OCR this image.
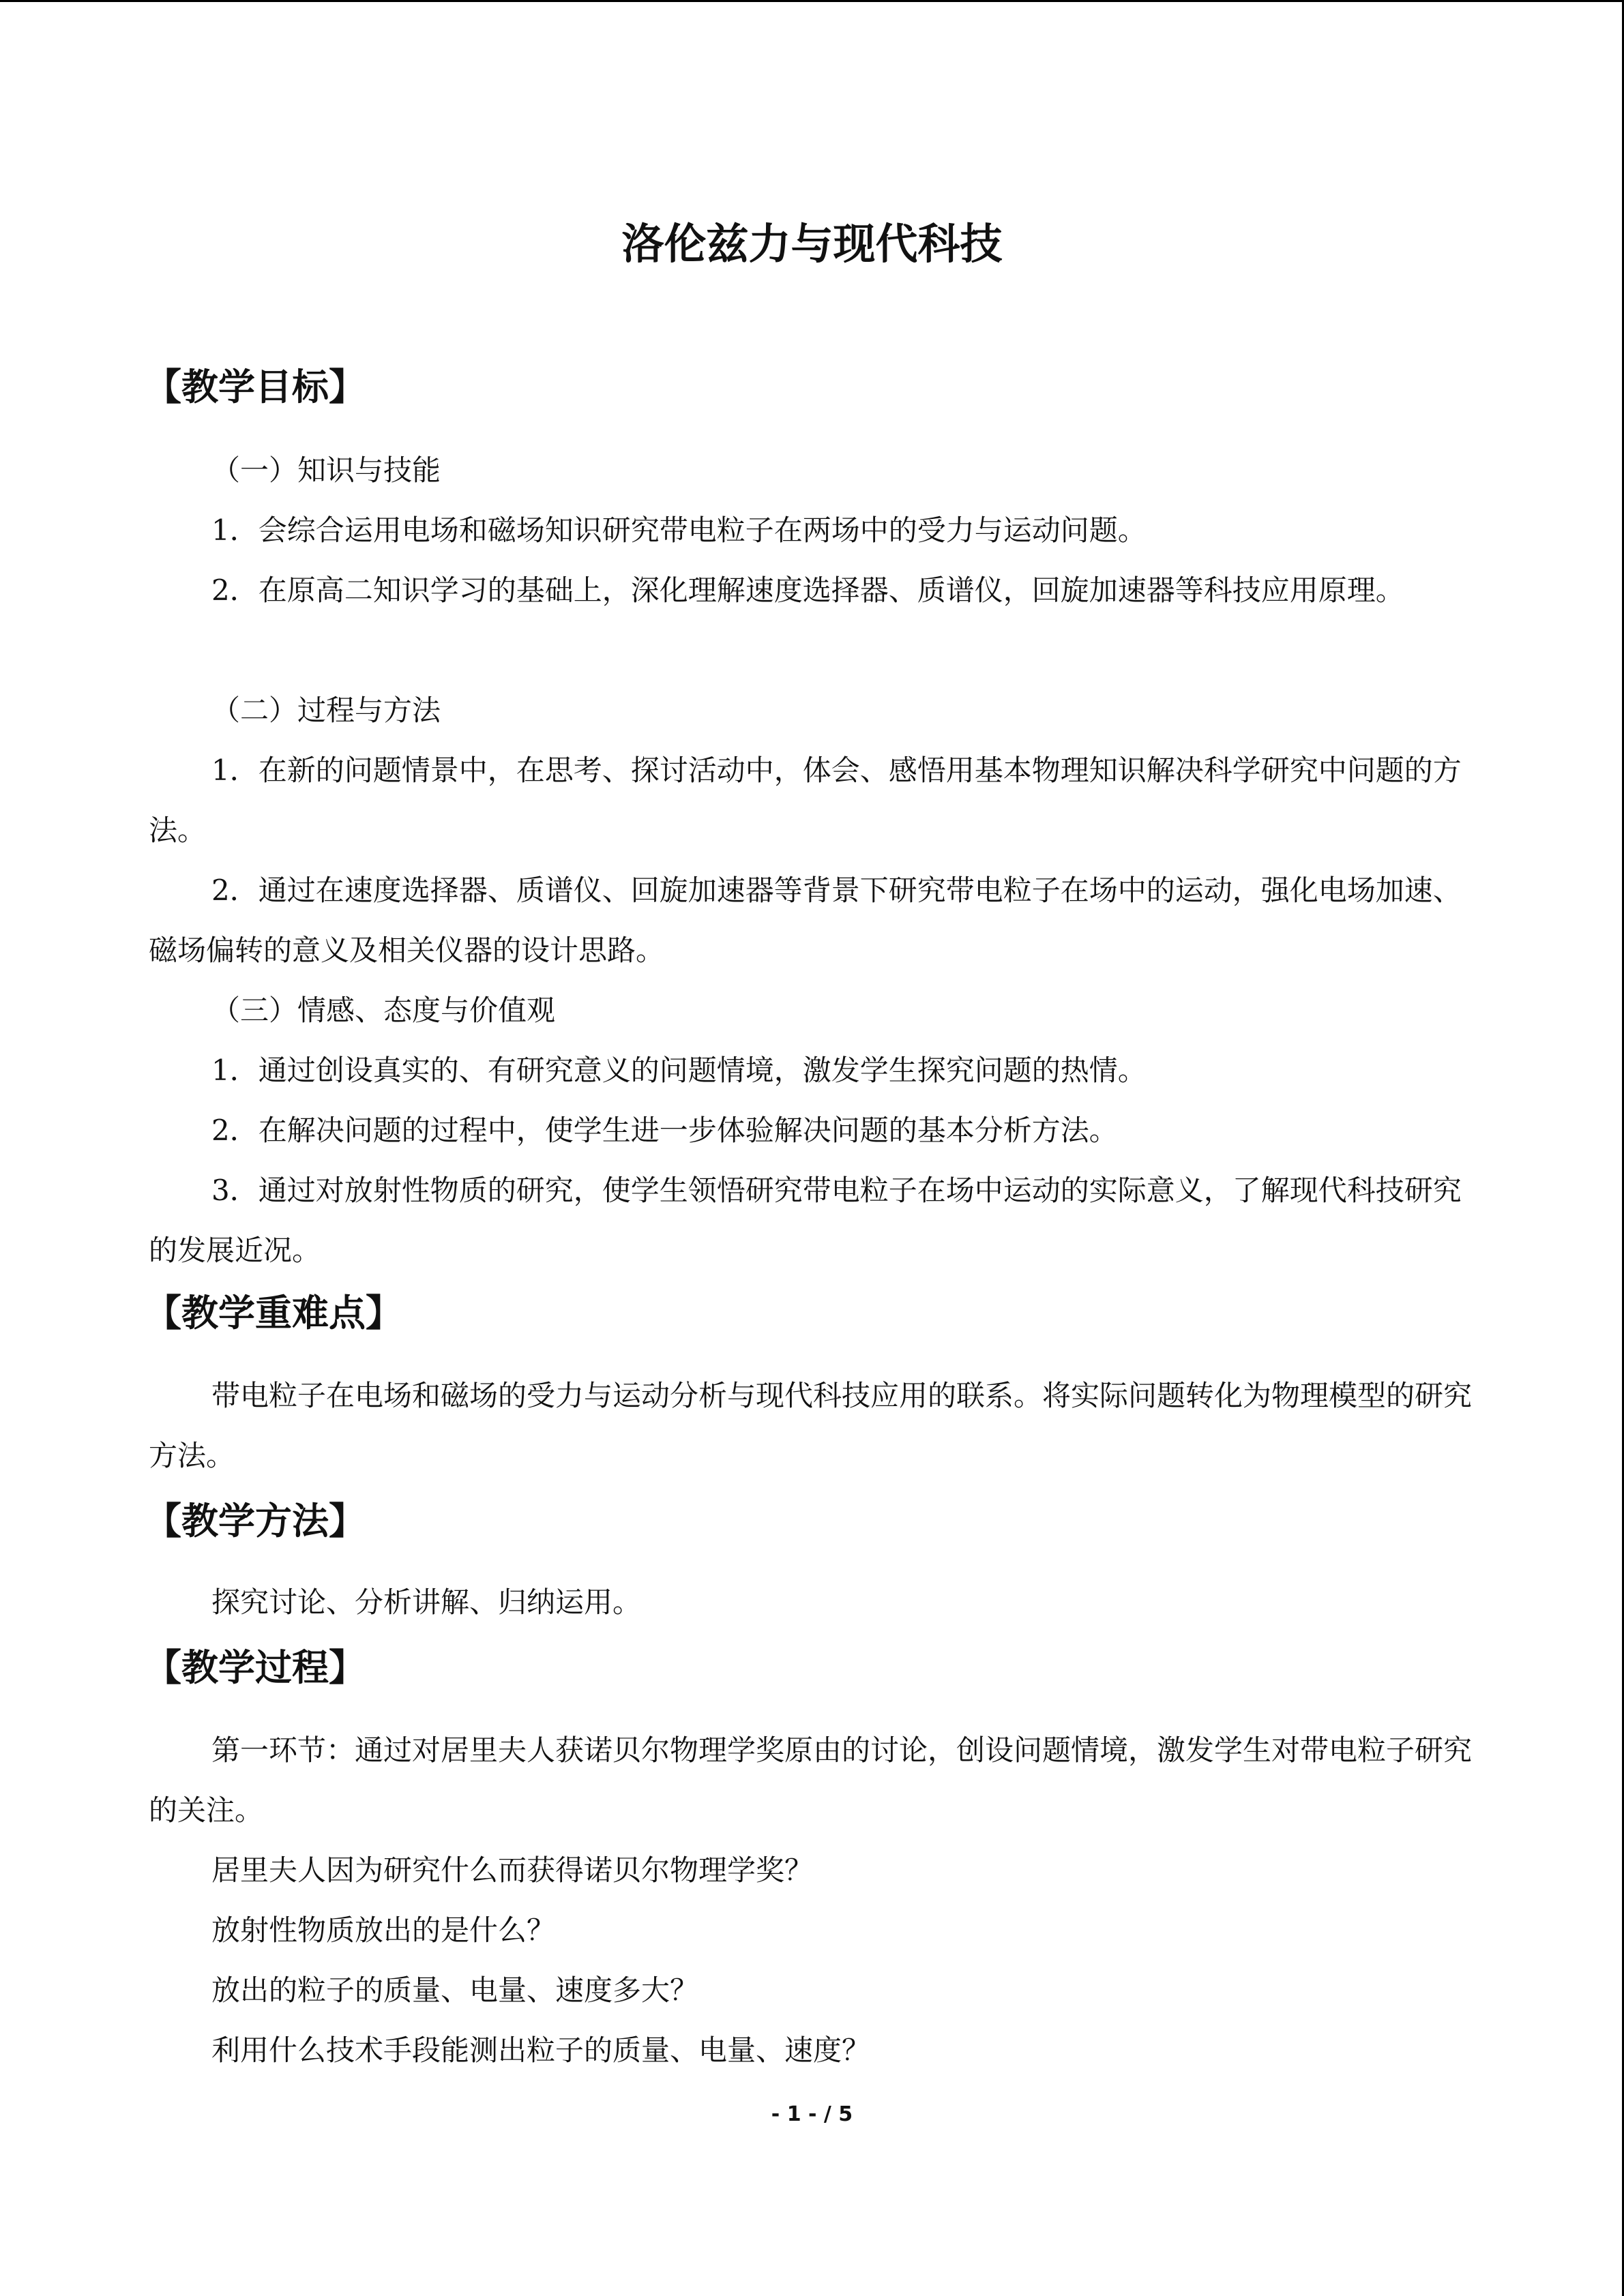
洛伦兹力与现代科技
【教学目标】

（一）知识与技能

1．会综合运用电场和磁场知识研究带电粒子在两场中的受力与运动问题。

2．在原高二知识学习的基础上，深化理解速度选择器、质谱仪，回旋加速器等科技应用原理。

（二）过程与方法

1．在新的问题情景中，在思考、探讨活动中，体会、感悟用基本物理知识解决科学研究中问题的方法。

2．通过在速度选择器、质谱仪、回旋加速器等背景下研究带电粒子在场中的运动，强化电场加速、磁场偏转的意义及相关仪器的设计思路。

（三）情感、态度与价值观

1．通过创设真实的、有研究意义的问题情境，激发学生探究问题的热情。

2．在解决问题的过程中，使学生进一步体验解决问题的基本分析方法。

3．通过对放射性物质的研究，使学生领悟研究带电粒子在场中运动的实际意义，了解现代科技研究的发展近况。

【教学重难点】

带电粒子在电场和磁场的受力与运动分析与现代科技应用的联系。将实际问题转化为物理模型的研究方法。

【教学方法】

探究讨论、分析讲解、归纳运用。

【教学过程】

第一环节：通过对居里夫人获诺贝尔物理学奖原由的讨论，创设问题情境，激发学生对带电粒子研究的关注。

居里夫人因为研究什么而获得诺贝尔物理学奖？

放射性物质放出的是什么？

放出的粒子的质量、电量、速度多大？

利用什么技术手段能测出粒子的质量、电量、速度？

- 1 - / 5
